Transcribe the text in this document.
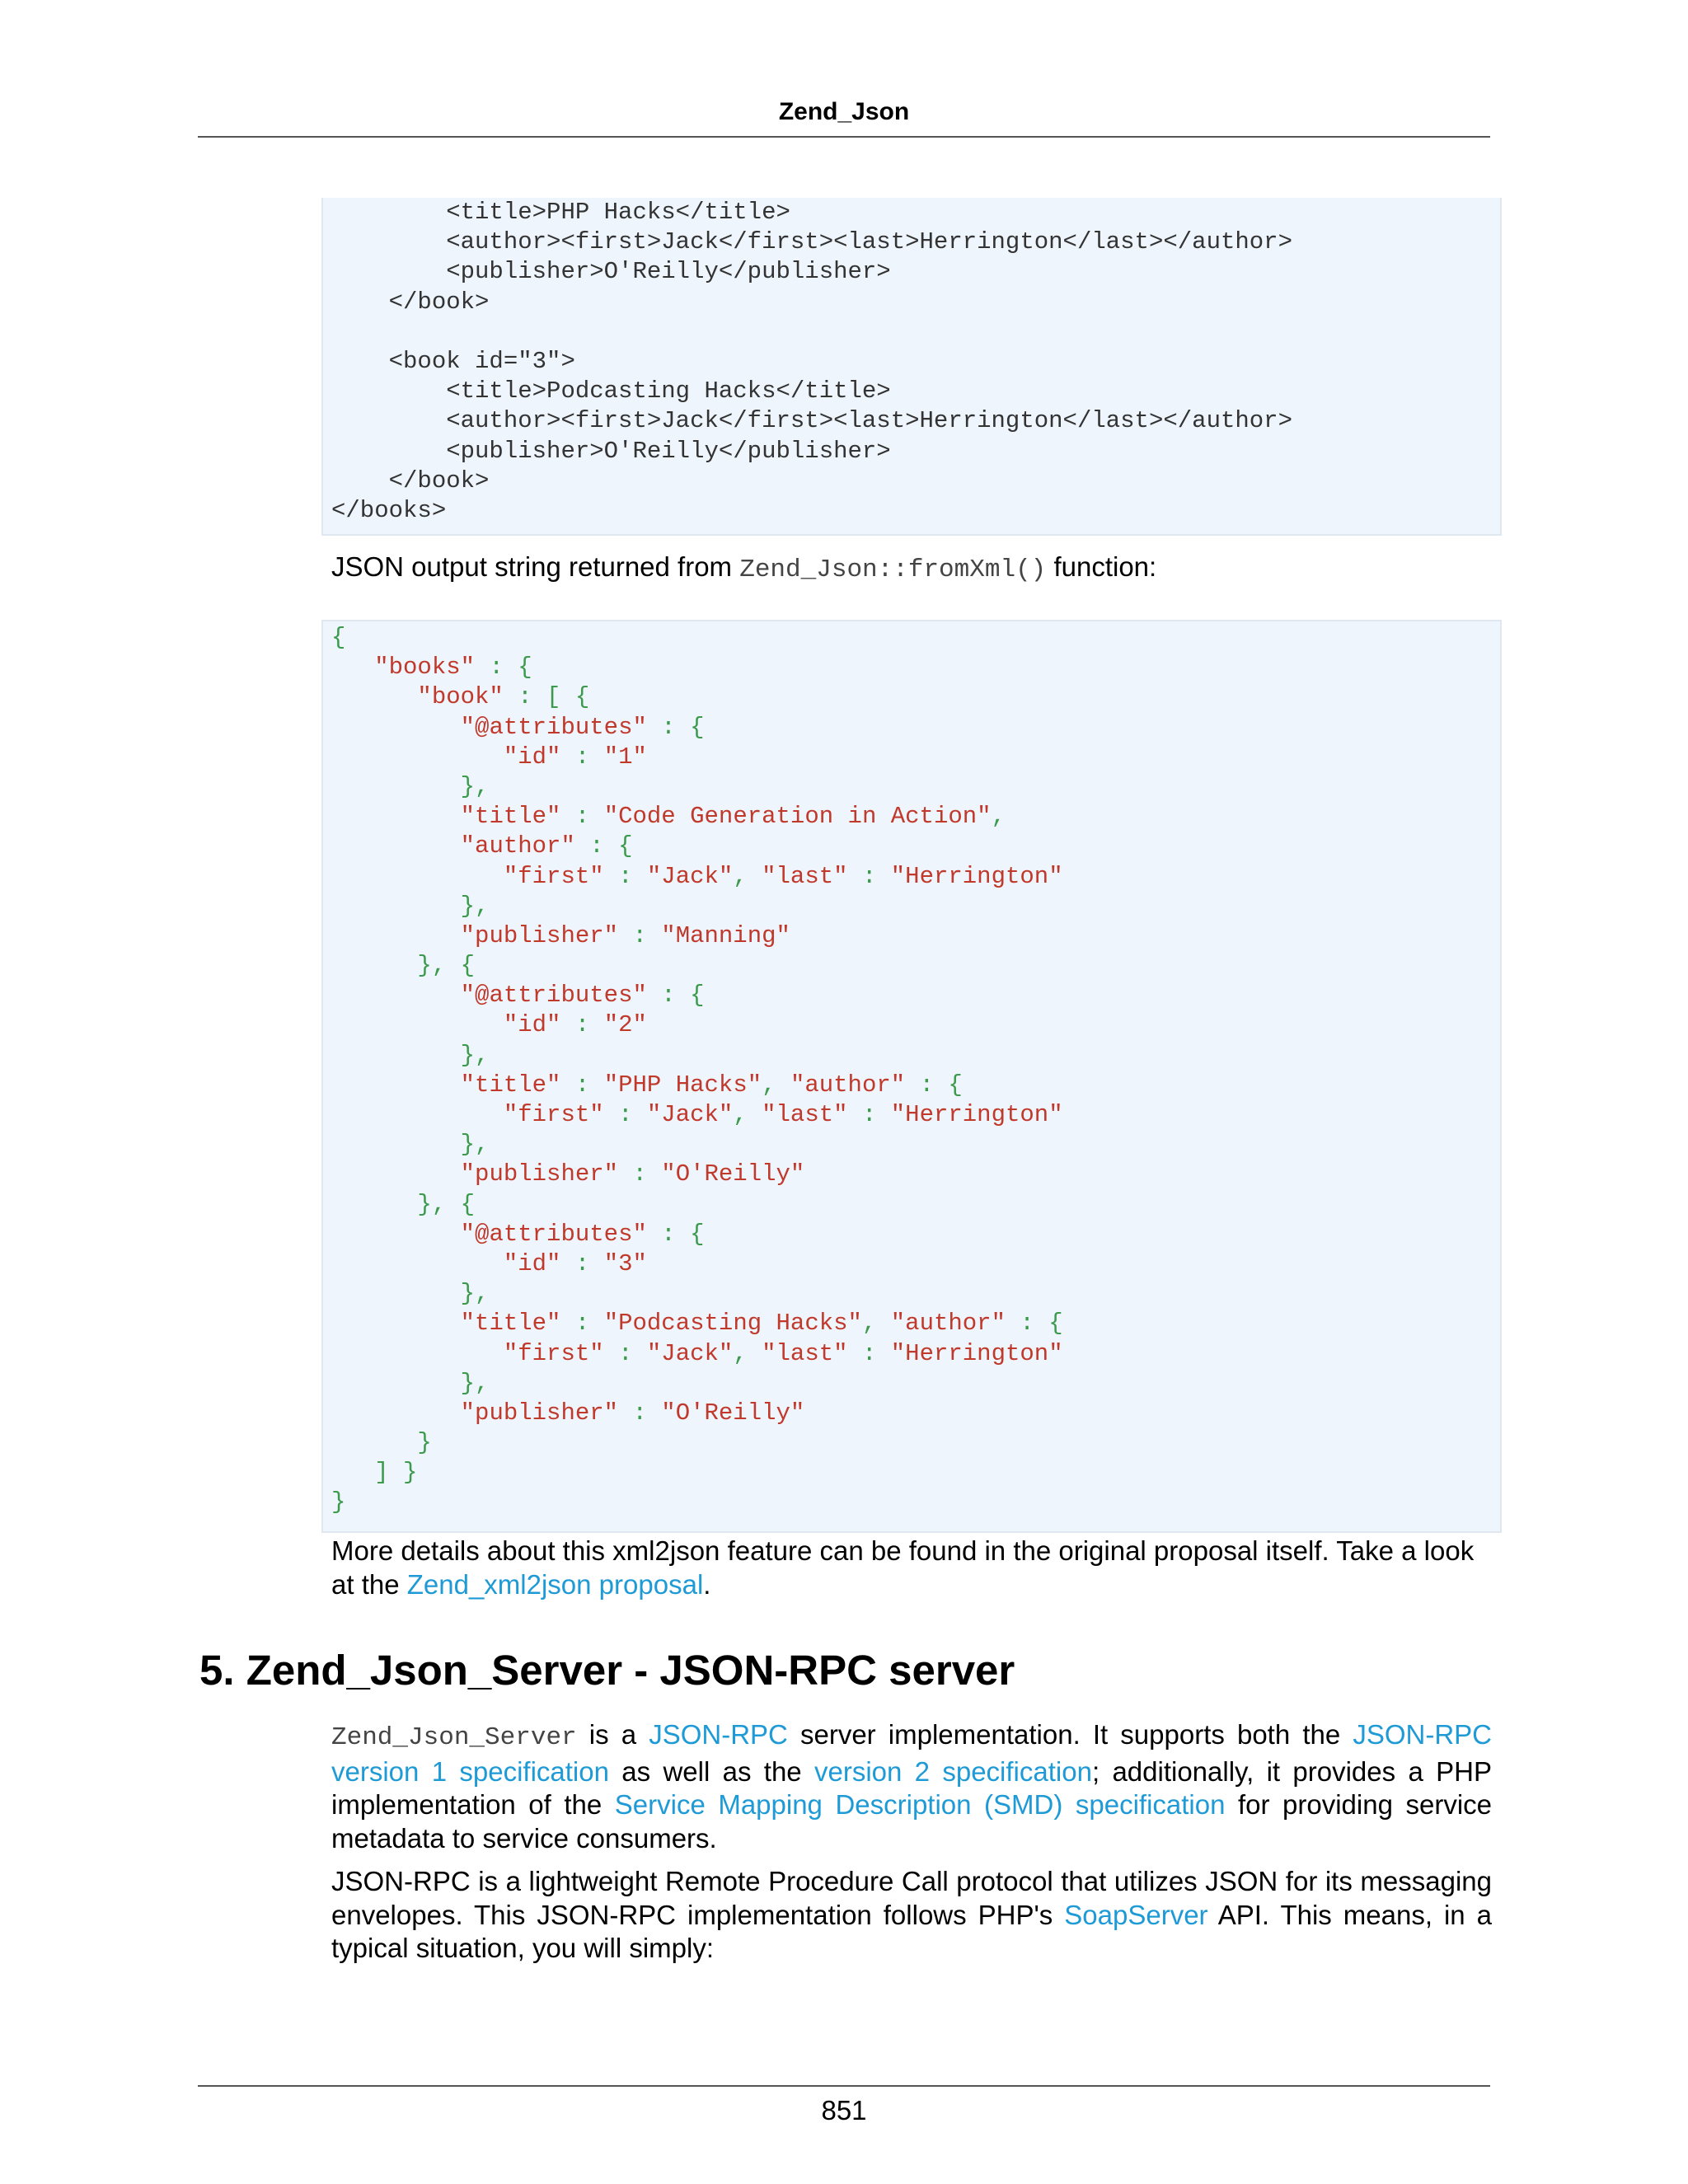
Zend_Json
<title>PHP Hacks</title>
<author><first>Jack</first><last>Herrington</last></author>
<publisher>O'Reilly</publisher>
</book>
<book id="3">
<title>Podcasting Hacks</title>
<author><first>Jack</first><last>Herrington</last></author>
<publisher>O'Reilly</publisher>
</book>
</books>
JSON output string returned from Zend_Json::fromXml() function:
{
"books" : {
"book" : [ {
"@attributes" : {
"id" : "1"
},
"title" : "Code Generation in Action",
"author" : {
"first" : "Jack", "last" : "Herrington"
},
"publisher" : "Manning"
}, {
"@attributes" : {
"id" : "2"
},
"title" : "PHP Hacks", "author" : {
"first" : "Jack", "last" : "Herrington"
},
"publisher" : "O'Reilly"
}, {
"@attributes" : {
"id" : "3"
},
"title" : "Podcasting Hacks", "author" : {
"first" : "Jack", "last" : "Herrington"
},
"publisher" : "O'Reilly"
}
] }
}
More details about this xml2json feature can be found in the original proposal itself. Take a look at the Zend_xml2json proposal.
5. Zend_Json_Server - JSON-RPC server
Zend_Json_Server is a JSON-RPC server implementation. It supports both the JSON-RPC version 1 specification as well as the version 2 specification; additionally, it provides a PHP implementation of the Service Mapping Description (SMD) specification for providing service metadata to service consumers.
JSON-RPC is a lightweight Remote Procedure Call protocol that utilizes JSON for its messaging envelopes. This JSON-RPC implementation follows PHP's SoapServer API. This means, in a typical situation, you will simply:
851
